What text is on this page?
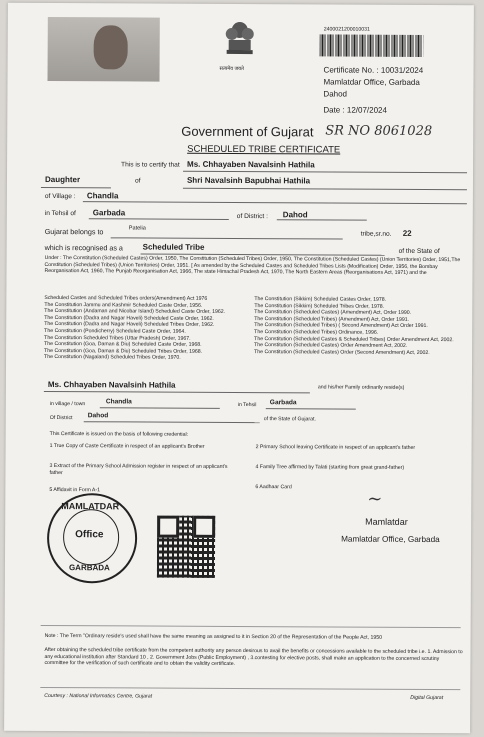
सत्यमेव जयते
2400021200010031
Certificate No. : 10031/2024
Mamlatdar Office, Garbada
Dahod
Date : 12/07/2024
Government of Gujarat SR NO 8061028
SCHEDULED TRIBE CERTIFICATE
This is to certify that Ms. Chhayaben Navalsinh Hathila
Daughter	of	Shri Navalsinh Bapubhai Hathila
of Village : Chandla
in Tehsil of Garbada	of District : Dahod
Gujarat belongs to	Patelia
tribe,sr.no. 22
which is recognised as a Scheduled Tribe	of the State of
Under : The Constitution (Scheduled Castes) Order, 1950, The Constitution (Scheduled Tribes) Order, 1950, The Constitution (Scheduled Castes) (Union Territories) Order, 1951,The Constitution (Scheduled Tribes) (Union Territories) Order, 1951. [ As amended by the Scheduled Castes and Scheduled Tribes Lists (Modification) Order, 1956, the Bombay Reorganisation Act, 1960, The Punjab Reorganisation Act, 1966, The state Himachal Pradesh Act, 1970, The North Eastern Areas (Reorganisations Act, 1971) and the
Scheduled Castes and Scheduled Tribes orders(Amendment) Act 1976
The Constitution Jammu and Kashmir Scheduled Caste Order, 1956.
The Constitution (Andaman and Nicobar Island) Scheduled Caste Order, 1962.
The Constitution (Dadra and Nagar Haveli) Scheduled Caste Order, 1962.
The Constitution (Dadra and Nagar Haveli) Scheduled Tribes Order, 1962.
The Constitution (Pondicherry) Scheduled Caste Order, 1964.
The Constitution Scheduled Tribes (Uttar Pradesh) Order, 1967.
The Constitution (Goa, Daman & Diu) Scheduled Caste Order, 1968.
The Constitution (Goa, Daman & Diu) Scheduled Tribes Order, 1968.
The Constitution (Nagaland) Scheduled Tribes Order, 1970.
The Constitution (Sikkim) Scheduled Castes Order, 1978.
The Constitution (Sikkim) Scheduled Tribes Order, 1978.
The Constitution (Scheduled Castes) (Amendment) Act, Order 1990.
The Constitution (Scheduled Tribes) (Amendment) Act, Order 1991.
The Constitution (Scheduled Tribes) ( Second Amendment) Act Order 1991.
The Constitution (Scheduled Tribes) Ordinance, 1996.
The Constitution (Scheduled Castes & Scheduled Tribes) Order Amendment Act, 2002.
The Constitution (Scheduled Castes) Order Amendment Act, 2002.
The Constitution (Scheduled Castes) Order (Second Amendment) Act, 2002.
Ms. Chhayaben Navalsinh Hathila	and his/her Family ordinarily reside(s)
in village / town	Chandla	in Tehsil Garbada
Of District Dahod	of the State of Gujarat.
This Certificate is issued on the basis of following credential:
1 True Copy of Caste Certificate in respect of an applicant's Brother	2 Primary School leaving Certificate in respect of an applicant's father
3 Extract of the Primary School Admission register in respect of an applicant's father
4 Family Tree affirmed by Talati (starting from great grand-father)
5 Affidavit in Form A-1	6 Aadhaar Card
MAMLATDAR
Office
GARBADA
~
Mamlatdar
Mamlatdar Office, Garbada
Note : The Term "Ordinary reside's used shall have the same meaning as assigned to it in Section 20 of the Representation of the People Act, 1950
After obtaining the scheduled tribe certificate from the competent authority any person desirous to avail the benefits or concessions available to the scheduled tribe i.e. 1. Admission to any educational institution after Standard 10 , 2. Government Jobs (Public Employment) , 3.contesting for elective posts, shall make an application to the concerned scrutiny committee for the verification of such certificate and to obtain the validity certificate.
Courtesy : National Informatics Centre, Gujarat	Digital Gujarat
